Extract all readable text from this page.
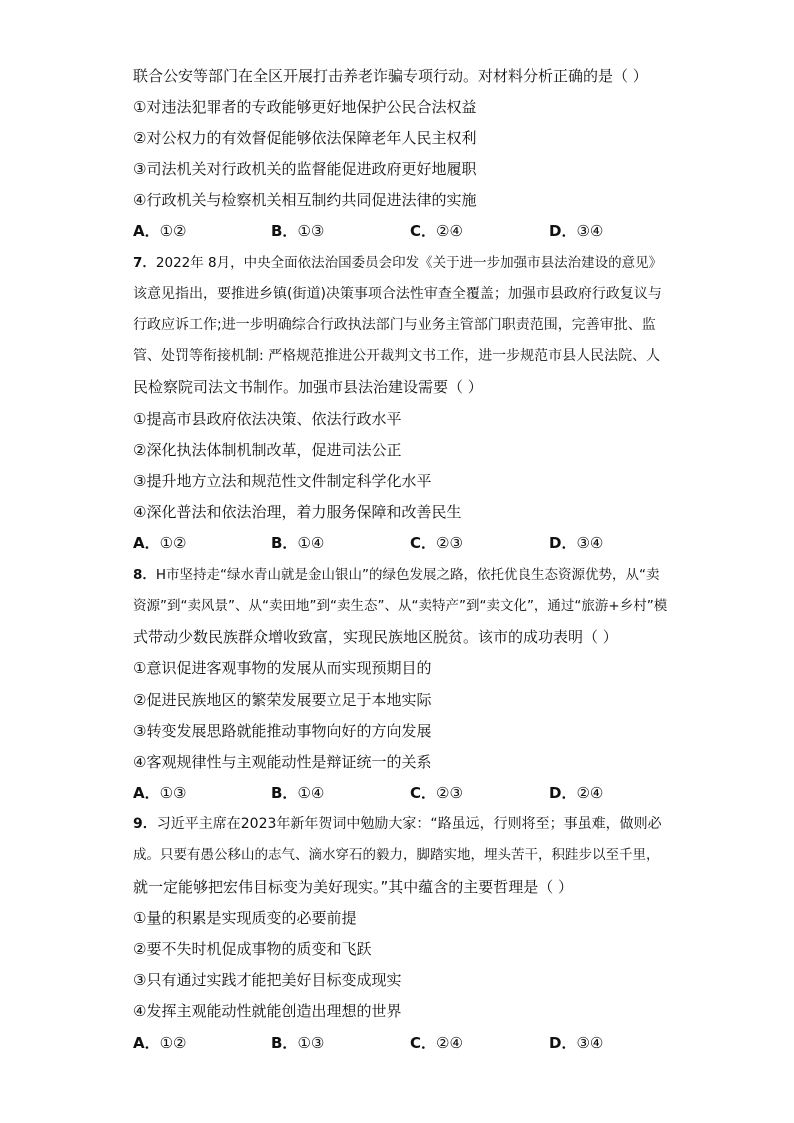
联合公安等部门在全区开展打击养老诈骗专项行动。对材料分析正确的是（ ）
①对违法犯罪者的专政能够更好地保护公民合法权益
②对公权力的有效督促能够依法保障老年人民主权利
③司法机关对行政机关的监督能促进政府更好地履职
④行政机关与检察机关相互制约共同促进法律的实施
A．①②	B．①③	C．②④	D．③④
7．2022年 8月，中央全面依法治国委员会印发《关于进一步加强市县法治建设的意见》
该意见指出，要推进乡镇(街道)决策事项合法性审查全覆盖；加强市县政府行政复议与
行政应诉工作;进一步明确综合行政执法部门与业务主管部门职责范围，完善审批、监
管、处罚等衔接机制: 严格规范推进公开裁判文书工作，进一步规范市县人民法院、人
民检察院司法文书制作。加强市县法治建设需要（ ）
①提高市县政府依法决策、依法行政水平
②深化执法体制机制改革，促进司法公正
③提升地方立法和规范性文件制定科学化水平
④深化普法和依法治理，着力服务保障和改善民生
A．①②	B．①④	C．②③	D．③④
8．H市坚持走“绿水青山就是金山银山”的绿色发展之路，依托优良生态资源优势，从“卖
资源”到“卖风景”、从“卖田地”到“卖生态”、从“卖特产”到“卖文化”，通过“旅游+乡村”模
式带动少数民族群众增收致富，实现民族地区脱贫。该市的成功表明（ ）
①意识促进客观事物的发展从而实现预期目的
②促进民族地区的繁荣发展要立足于本地实际
③转变发展思路就能推动事物向好的方向发展
④客观规律性与主观能动性是辩证统一的关系
A．①③	B．①④	C．②③	D．②④
9．习近平主席在2023年新年贺词中勉励大家：“路虽远，行则将至；事虽难，做则必
成。只要有愚公移山的志气、滴水穿石的毅力，脚踏实地，埋头苦干，积跬步以至千里，
就一定能够把宏伟目标变为美好现实。”其中蕴含的主要哲理是（ ）
①量的积累是实现质变的必要前提
②要不失时机促成事物的质变和飞跃
③只有通过实践才能把美好目标变成现实
④发挥主观能动性就能创造出理想的世界
A．①②	B．①③	C．②④	D．③④
